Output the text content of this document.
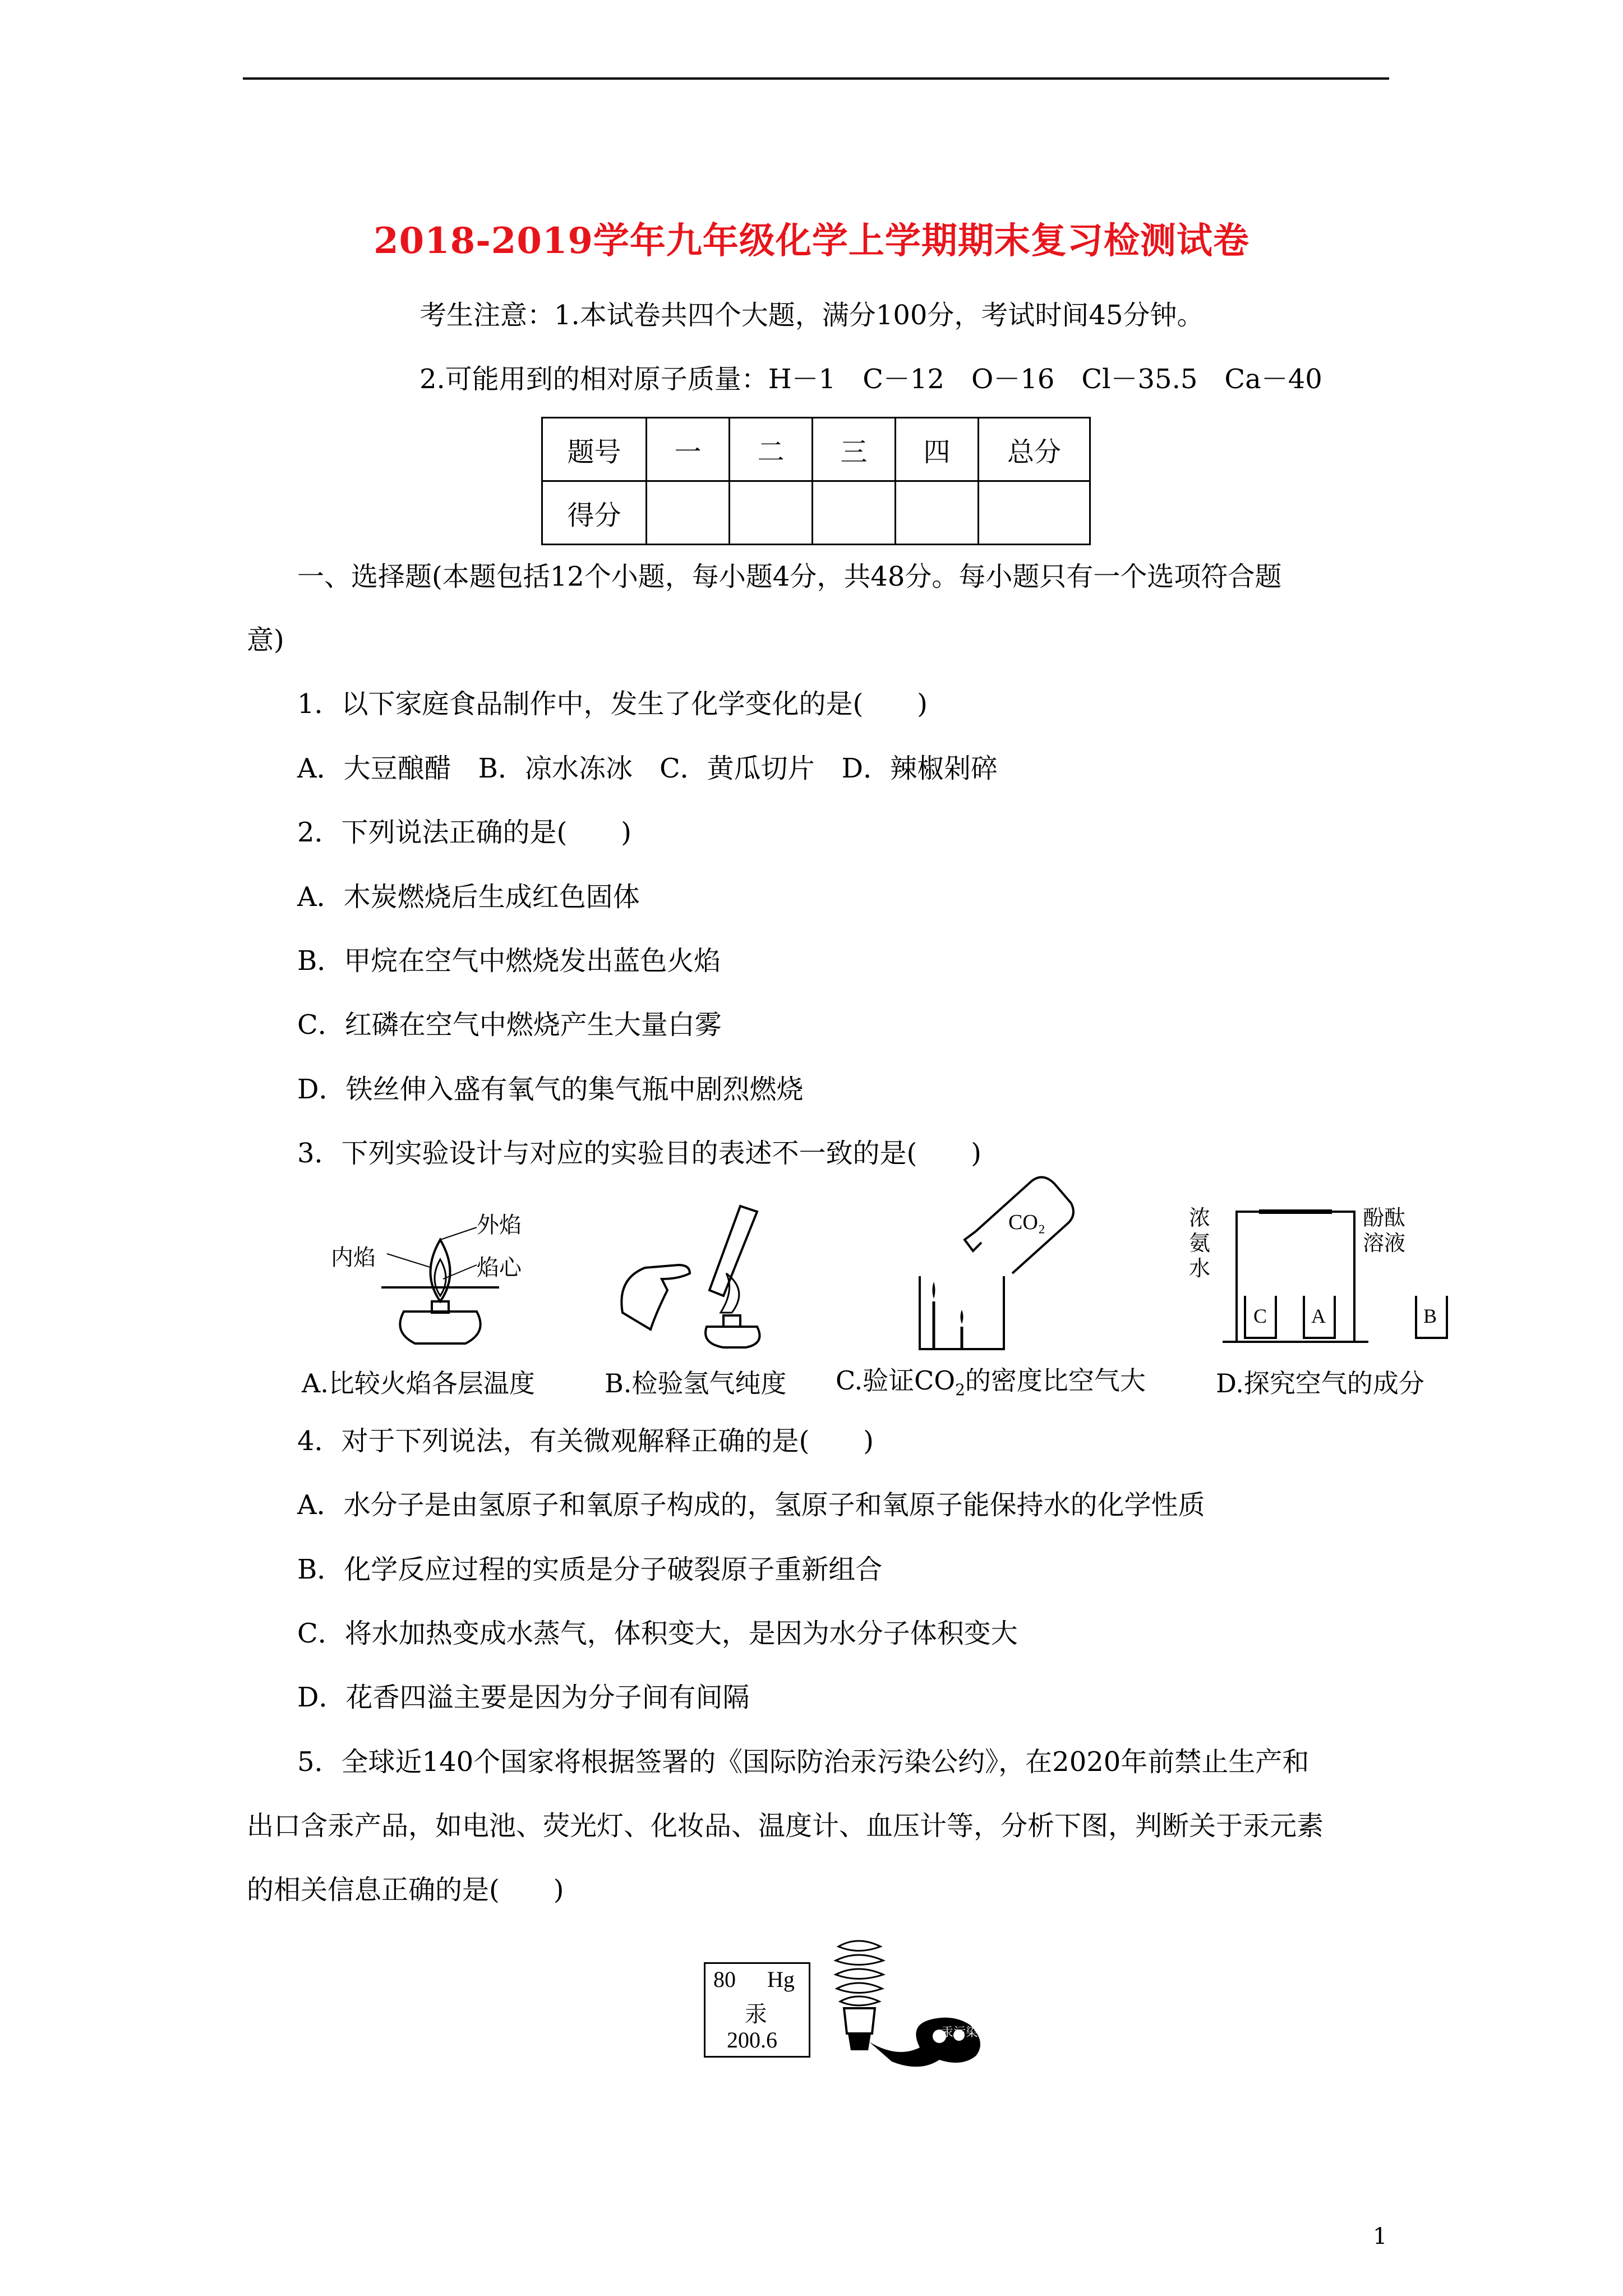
2018-2019学年九年级化学上学期期末复习检测试卷
考生注意：1.本试卷共四个大题，满分100分，考试时间45分钟。
2.可能用到的相对原子质量：H－1　C－12　O－16　Cl－35.5　Ca－40
题号	一	二	三	四	总分
得分					
一、选择题(本题包括12个小题，每小题4分，共48分。每小题只有一个选项符合题
意)
1．以下家庭食品制作中，发生了化学变化的是(　　)
A．大豆酿醋　B．凉水冻冰　C．黄瓜切片　D．辣椒剁碎
2．下列说法正确的是(　　)
A．木炭燃烧后生成红色固体
B．甲烷在空气中燃烧发出蓝色火焰
C．红磷在空气中燃烧产生大量白雾
D．铁丝伸入盛有氧气的集气瓶中剧烈燃烧
3．下列实验设计与对应的实验目的表述不一致的是(　　)
外焰
内焰	焰心
CO₂	浓
氨
水
酚酞
溶液
C A	B
A.比较火焰各层温度	B.检验氢气纯度 C.验证$CO_2$的密度比空气大	D.探究空气的成分
4．对于下列说法，有关微观解释正确的是(　　)
A．水分子是由氢原子和氧原子构成的，氢原子和氧原子能保持水的化学性质
B．化学反应过程的实质是分子破裂原子重新组合
C．将水加热变成水蒸气，体积变大，是因为水分子体积变大
D．花香四溢主要是因为分子间有间隔
5．全球近140个国家将根据签署的《国际防治汞污染公约》，在2020年前禁止生产和
出口含汞产品，如电池、荧光灯、化妆品、温度计、血压计等，分析下图，判断关于汞元素
的相关信息正确的是(　　)
80 Hg
汞
200.6	汞污染
1
